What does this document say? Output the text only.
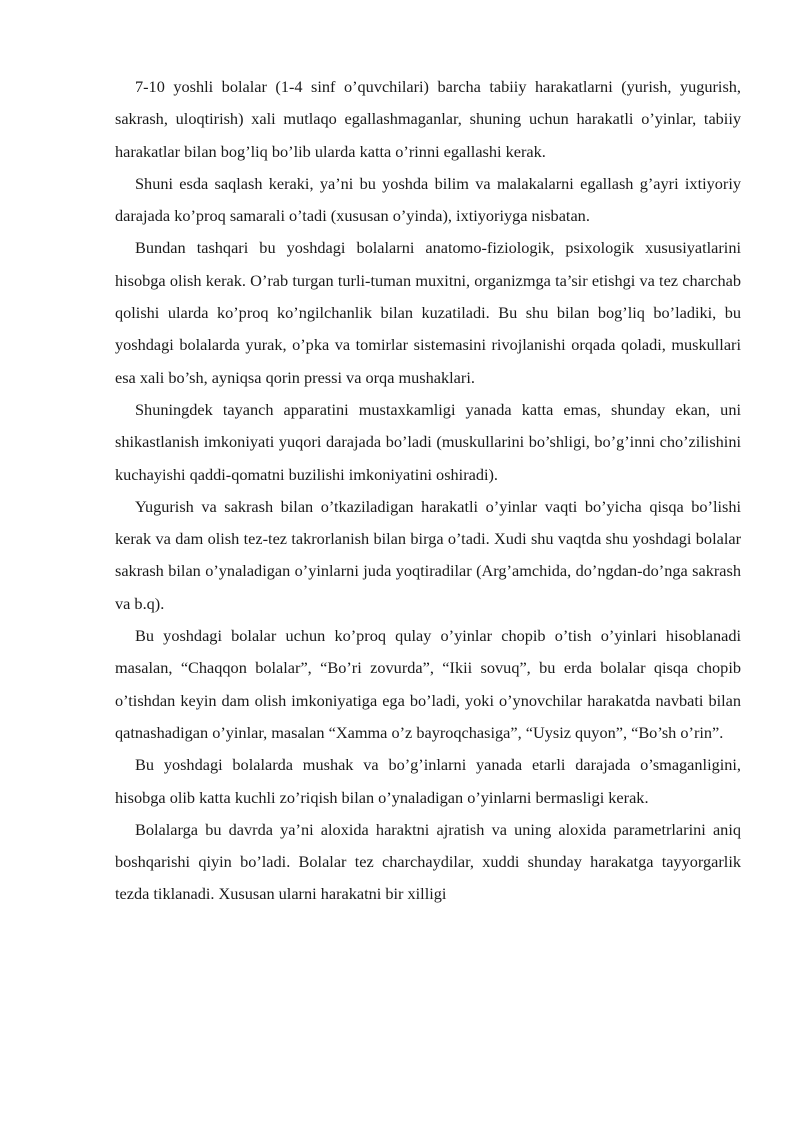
7-10 yoshli bolalar (1-4 sinf o’quvchilari) barcha tabiiy harakatlarni (yurish, yugurish, sakrash, uloqtirish) xali mutlaqo egallashmaganlar, shuning uchun harakatli o’yinlar, tabiiy harakatlar bilan bog’liq bo’lib ularda katta o’rinni egallashi kerak.

Shuni esda saqlash keraki, ya’ni bu yoshda bilim va malakalarni egallash g’ayri ixtiyoriy darajada ko’proq samarali o’tadi (xususan o’yinda), ixtiyoriyga nisbatan.

Bundan tashqari bu yoshdagi bolalarni anatomo-fiziologik, psixologik xususiyatlarini hisobga olish kerak. O’rab turgan turli-tuman muxitni, organizmga ta’sir etishgi va tez charchab qolishi ularda ko’proq ko’ngilchanlik bilan kuzatiladi. Bu shu bilan bog’liq bo’ladiki, bu yoshdagi bolalarda yurak, o’pka va tomirlar sistemasini rivojlanishi orqada qoladi, muskullari esa xali bo’sh, ayniqsa qorin pressi va orqa mushaklari.

Shuningdek tayanch apparatini mustaxkamligi yanada katta emas, shunday ekan, uni shikastlanish imkoniyati yuqori darajada bo’ladi (muskullarini bo’shligi, bo’g’inni cho’zilishini kuchayishi qaddi-qomatni buzilishi imkoniyatini oshiradi).

Yugurish va sakrash bilan o’tkaziladigan harakatli o’yinlar vaqti bo’yicha qisqa bo’lishi kerak va dam olish tez-tez takrorlanish bilan birga o’tadi. Xudi shu vaqtda shu yoshdagi bolalar sakrash bilan o’ynaladigan o’yinlarni juda yoqtiradilar (Arg’amchida, do’ngdan-do’nga sakrash va b.q).

Bu yoshdagi bolalar uchun ko’proq qulay o’yinlar chopib o’tish o’yinlari hisoblanadi masalan, “Chaqqon bolalar”, “Bo’ri zovurda”, “Ikii sovuq”, bu erda bolalar qisqa chopib o’tishdan keyin dam olish imkoniyatiga ega bo’ladi, yoki o’ynovchilar harakatda navbati bilan qatnashadigan o’yinlar, masalan “Xamma o’z bayroqchasiga”, “Uysiz quyon”, “Bo’sh o’rin”.

Bu yoshdagi bolalarda mushak va bo’g’inlarni yanada etarli darajada o’smaganligini, hisobga olib katta kuchli zo’riqish bilan o’ynaladigan o’yinlarni bermasligi kerak.

Bolalarga bu davrda ya’ni aloxida haraktni ajratish va uning aloxida parametrlarini aniq boshqarishi qiyin bo’ladi. Bolalar tez charchaydilar, xuddi shunday harakatga tayyorgarlik tezda tiklanadi. Xususan ularni harakatni bir xilligi
